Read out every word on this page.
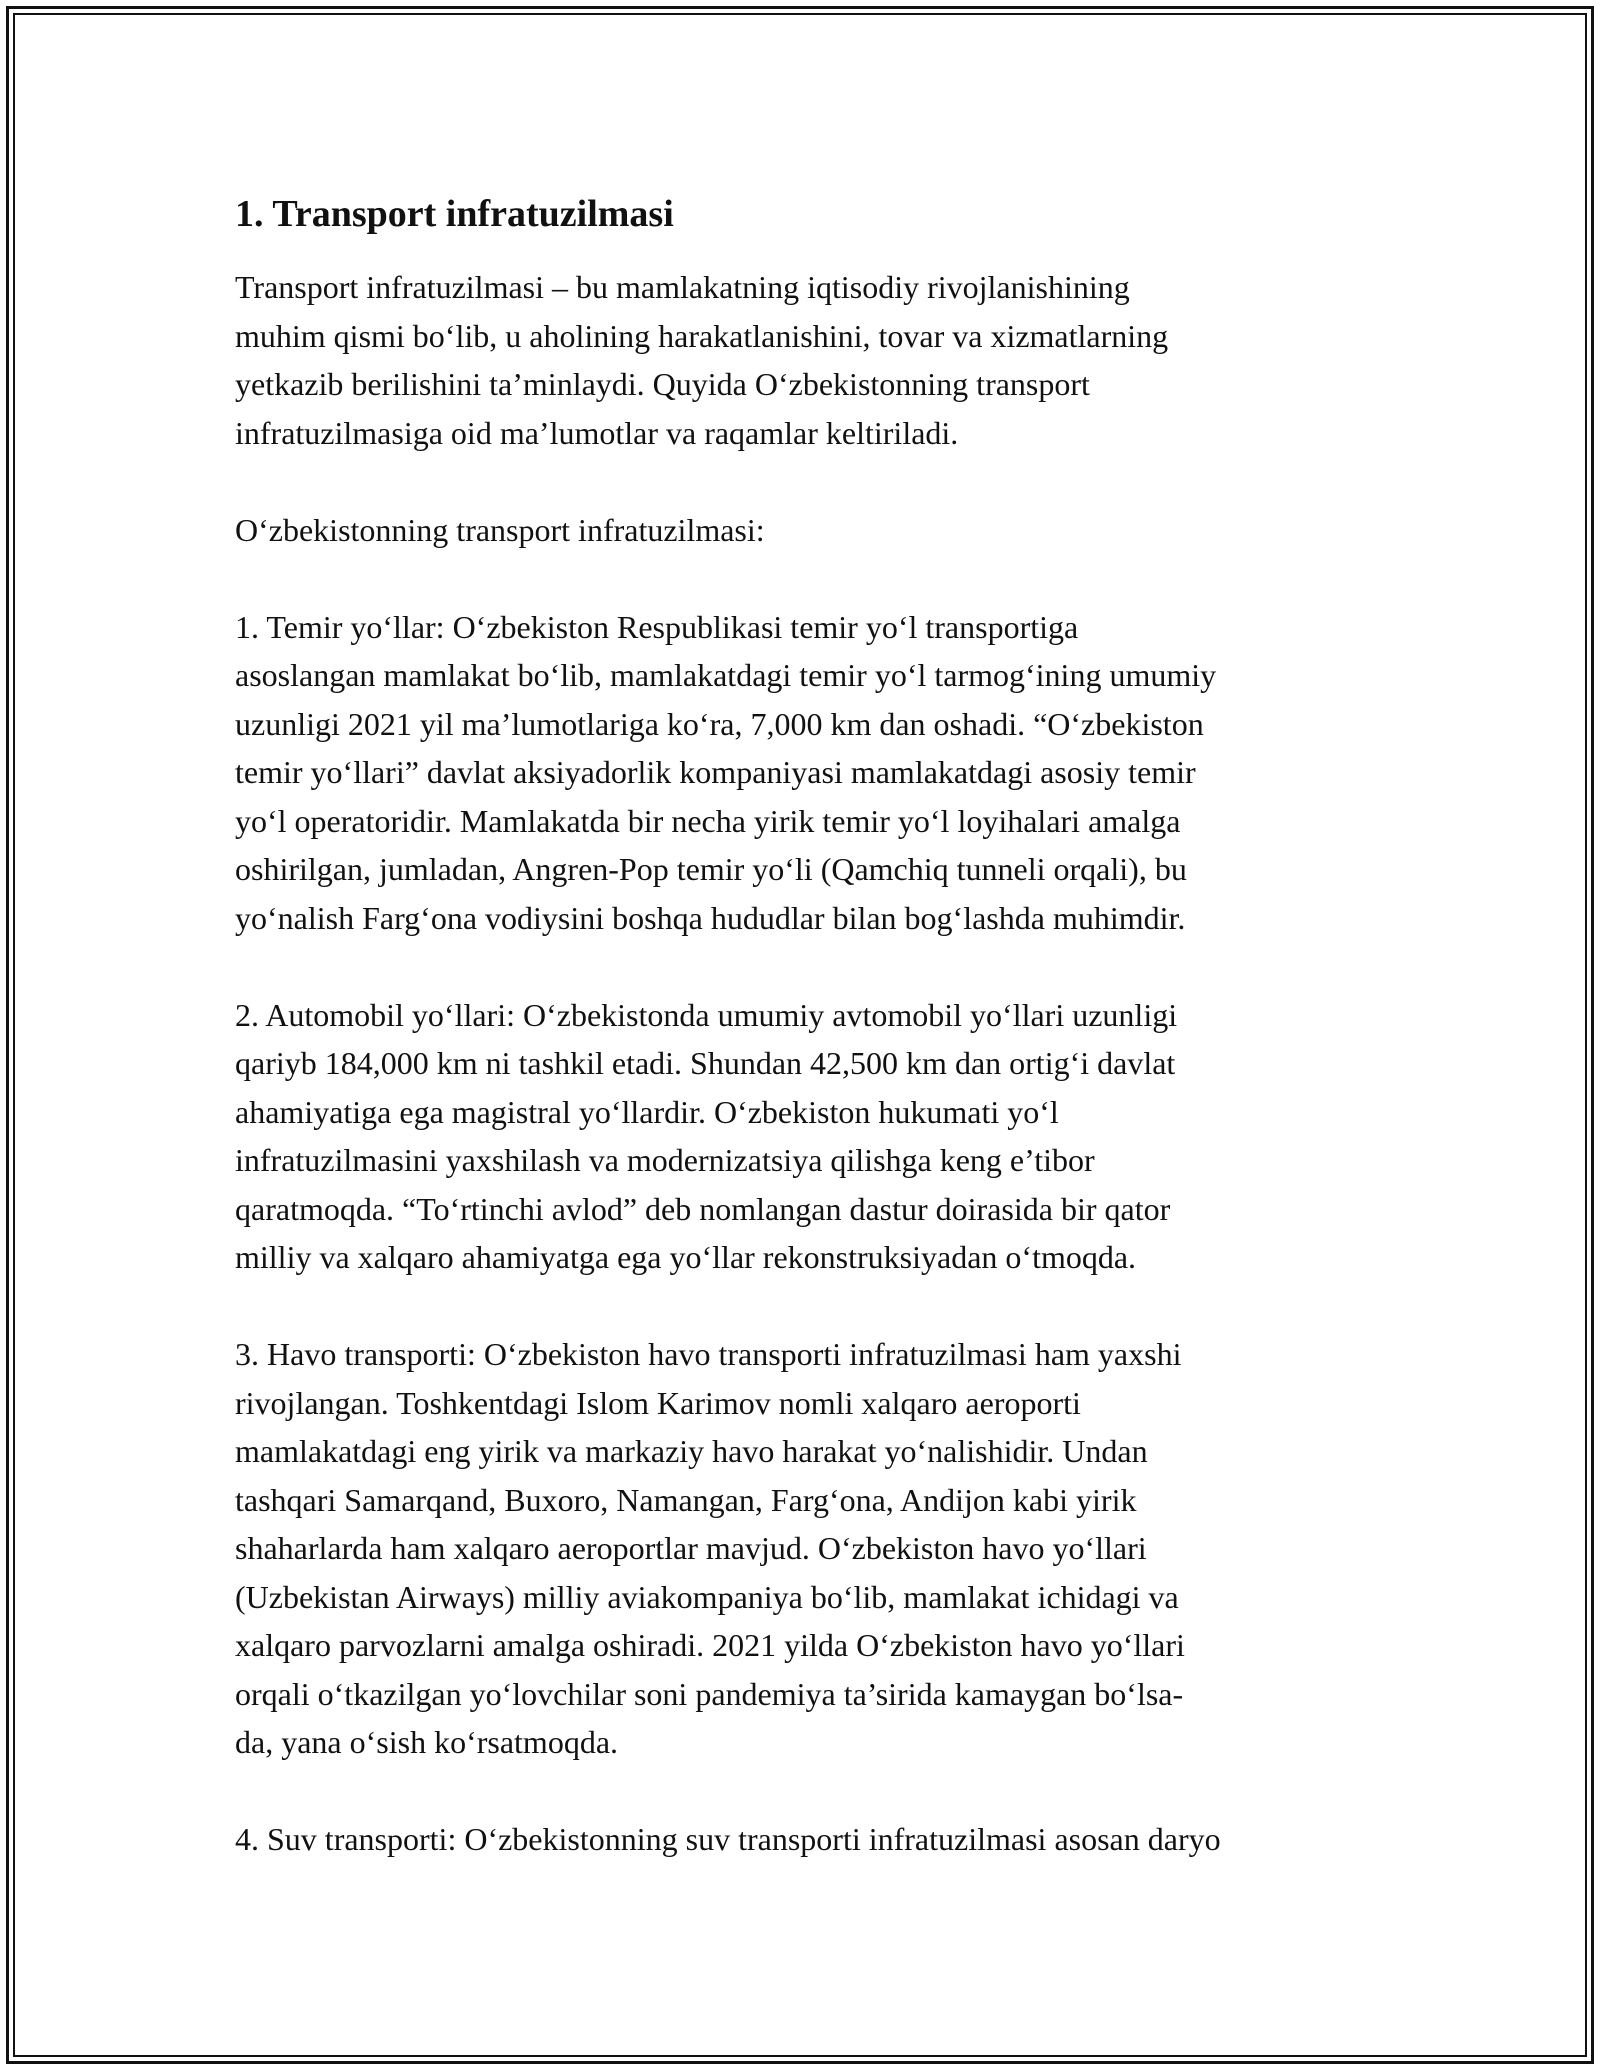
1. Transport infratuzilmasi

Transport infratuzilmasi – bu mamlakatning iqtisodiy rivojlanishining
muhim qismi bo‘lib, u aholining harakatlanishini, tovar va xizmatlarning
yetkazib berilishini ta’minlaydi. Quyida O‘zbekistonning transport
infratuzilmasiga oid ma’lumotlar va raqamlar keltiriladi.

O‘zbekistonning transport infratuzilmasi:

1. Temir yo‘llar: O‘zbekiston Respublikasi temir yo‘l transportiga
asoslangan mamlakat bo‘lib, mamlakatdagi temir yo‘l tarmog‘ining umumiy
uzunligi 2021 yil ma’lumotlariga ko‘ra, 7,000 km dan oshadi. “O‘zbekiston
temir yo‘llari” davlat aksiyadorlik kompaniyasi mamlakatdagi asosiy temir
yo‘l operatoridir. Mamlakatda bir necha yirik temir yo‘l loyihalari amalga
oshirilgan, jumladan, Angren-Pop temir yo‘li (Qamchiq tunneli orqali), bu
yo‘nalish Farg‘ona vodiysini boshqa hududlar bilan bog‘lashda muhimdir.

2. Automobil yo‘llari: O‘zbekistonda umumiy avtomobil yo‘llari uzunligi
qariyb 184,000 km ni tashkil etadi. Shundan 42,500 km dan ortig‘i davlat
ahamiyatiga ega magistral yo‘llardir. O‘zbekiston hukumati yo‘l
infratuzilmasini yaxshilash va modernizatsiya qilishga keng e’tibor
qaratmoqda. “To‘rtinchi avlod” deb nomlangan dastur doirasida bir qator
milliy va xalqaro ahamiyatga ega yo‘llar rekonstruksiyadan o‘tmoqda.

3. Havo transporti: O‘zbekiston havo transporti infratuzilmasi ham yaxshi
rivojlangan. Toshkentdagi Islom Karimov nomli xalqaro aeroporti
mamlakatdagi eng yirik va markaziy havo harakat yo‘nalishidir. Undan
tashqari Samarqand, Buxoro, Namangan, Farg‘ona, Andijon kabi yirik
shaharlarda ham xalqaro aeroportlar mavjud. O‘zbekiston havo yo‘llari
(Uzbekistan Airways) milliy aviakompaniya bo‘lib, mamlakat ichidagi va
xalqaro parvozlarni amalga oshiradi. 2021 yilda O‘zbekiston havo yo‘llari
orqali o‘tkazilgan yo‘lovchilar soni pandemiya ta’sirida kamaygan bo‘lsa-
da, yana o‘sish ko‘rsatmoqda.

4. Suv transporti: O‘zbekistonning suv transporti infratuzilmasi asosan daryo
